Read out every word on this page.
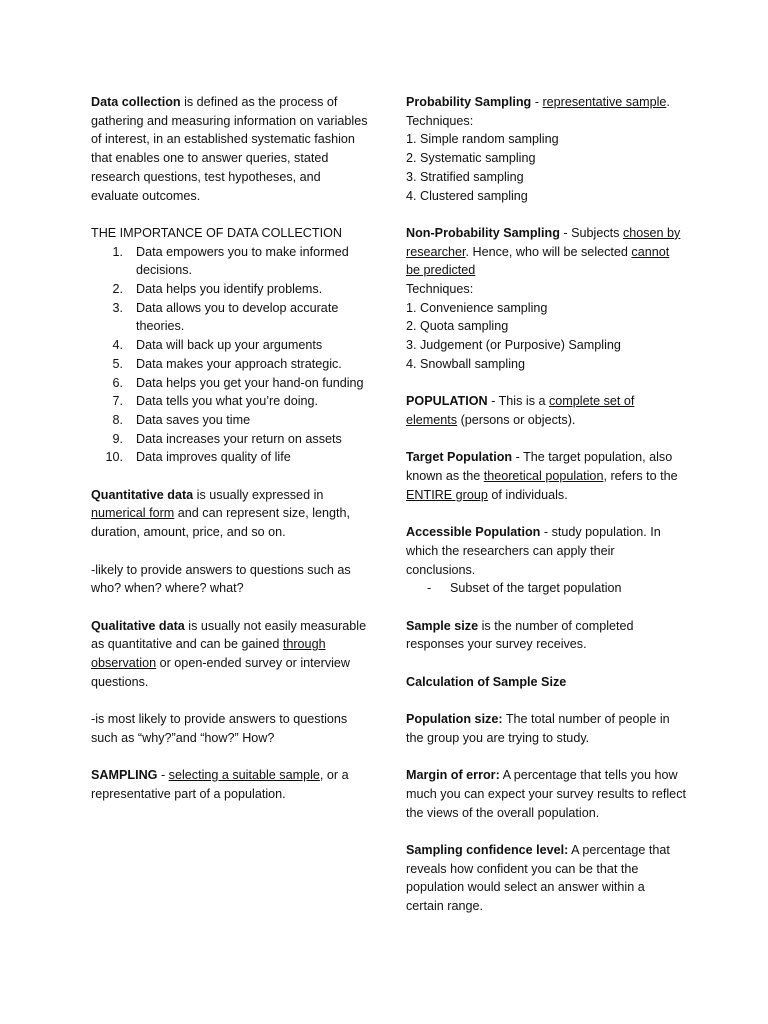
Data collection is defined as the process of gathering and measuring information on variables of interest, in an established systematic fashion that enables one to answer queries, stated research questions, test hypotheses, and evaluate outcomes.

THE IMPORTANCE OF DATA COLLECTION

1. Data empowers you to make informed decisions.
2. Data helps you identify problems.
3. Data allows you to develop accurate theories.
4. Data will back up your arguments
5. Data makes your approach strategic.
6. Data helps you get your hand-on funding
7. Data tells you what you’re doing.
8. Data saves you time
9. Data increases your return on assets
10. Data improves quality of life

Quantitative data is usually expressed in numerical form and can represent size, length, duration, amount, price, and so on.

-likely to provide answers to questions such as who? when? where? what?

Qualitative data is usually not easily measurable as quantitative and can be gained through observation or open-ended survey or interview questions.

-is most likely to provide answers to questions such as “why?”and “how?” How?

SAMPLING - selecting a suitable sample, or a representative part of a population.

Probability Sampling - representative sample.

Techniques:

1. Simple random sampling

2. Systematic sampling

3. Stratified sampling

4. Clustered sampling

Non-Probability Sampling - Subjects chosen by researcher. Hence, who will be selected cannot be predicted

Techniques:

1. Convenience sampling

2. Quota sampling

3. Judgement (or Purposive) Sampling

4. Snowball sampling

POPULATION - This is a complete set of elements (persons or objects).

Target Population - The target population, also known as the theoretical population, refers to the ENTIRE group of individuals.

Accessible Population - study population. In which the researchers can apply their conclusions.

- Subset of the target population

Sample size is the number of completed responses your survey receives.

Calculation of Sample Size

Population size: The total number of people in the group you are trying to study.

Margin of error: A percentage that tells you how much you can expect your survey results to reflect the views of the overall population.

Sampling confidence level: A percentage that reveals how confident you can be that the population would select an answer within a certain range.
